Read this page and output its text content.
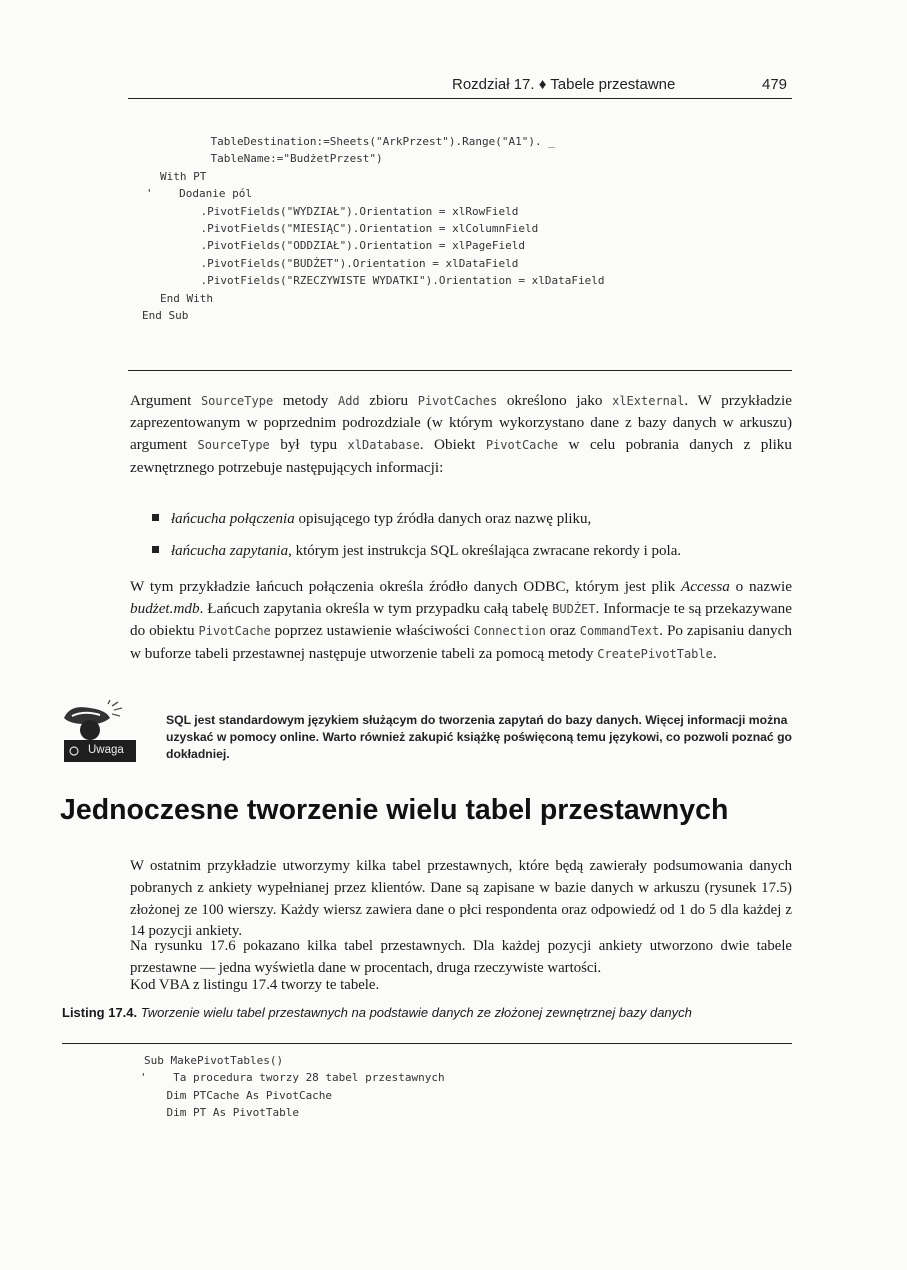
Rozdział 17. ♦ Tabele przestawne	479
TableDestination:=Sheets("ArkPrzest").Range("A1"). _
TableName:="BudżetPrzest")
With PT
'    Dodanie pól
.PivotFields("WYDZIAŁ").Orientation = xlRowField
.PivotFields("MIESIĄC").Orientation = xlColumnField
.PivotFields("ODDZIAŁ").Orientation = xlPageField
.PivotFields("BUDŻET").Orientation = xlDataField
.PivotFields("RZECZYWISTE WYDATKI").Orientation = xlDataField
End With
End Sub

Argument SourceType metody Add zbioru PivotCaches określono jako xlExternal. W przykładzie zaprezentowanym w poprzednim podrozdziale (w którym wykorzystano dane z bazy danych w arkuszu) argument SourceType był typu xlDatabase. Obiekt PivotCache w celu pobrania danych z pliku zewnętrznego potrzebuje następujących informacji:

łańcucha połączenia opisującego typ źródła danych oraz nazwę pliku,
łańcucha zapytania, którym jest instrukcja SQL określająca zwracane rekordy i pola.

W tym przykładzie łańcuch połączenia określa źródło danych ODBC, którym jest plik Accessa o nazwie budżet.mdb. Łańcuch zapytania określa w tym przypadku całą tabelę BUDŻET. Informacje te są przekazywane do obiektu PivotCache poprzez ustawienie właściwości Connection oraz CommandText. Po zapisaniu danych w buforze tabeli przestawnej następuje utworzenie tabeli za pomocą metody CreatePivotTable.

Uwaga

SQL jest standardowym językiem służącym do tworzenia zapytań do bazy danych. Więcej informacji można uzyskać w pomocy online. Warto również zakupić książkę poświęconą temu językowi, co pozwoli poznać go dokładniej.

Jednoczesne tworzenie wielu tabel przestawnych

W ostatnim przykładzie utworzymy kilka tabel przestawnych, które będą zawierały podsumowania danych pobranych z ankiety wypełnianej przez klientów. Dane są zapisane w bazie danych w arkuszu (rysunek 17.5) złożonej ze 100 wierszy. Każdy wiersz zawiera dane o płci respondenta oraz odpowiedź od 1 do 5 dla każdej z 14 pozycji ankiety.

Na rysunku 17.6 pokazano kilka tabel przestawnych. Dla każdej pozycji ankiety utworzono dwie tabele przestawne — jedna wyświetla dane w procentach, druga rzeczywiste wartości.

Kod VBA z listingu 17.4 tworzy te tabele.

Listing 17.4. Tworzenie wielu tabel przestawnych na podstawie danych ze złożonej zewnętrznej bazy danych

Sub MakePivotTables()
'    Ta procedura tworzy 28 tabel przestawnych
Dim PTCache As PivotCache
Dim PT As PivotTable
